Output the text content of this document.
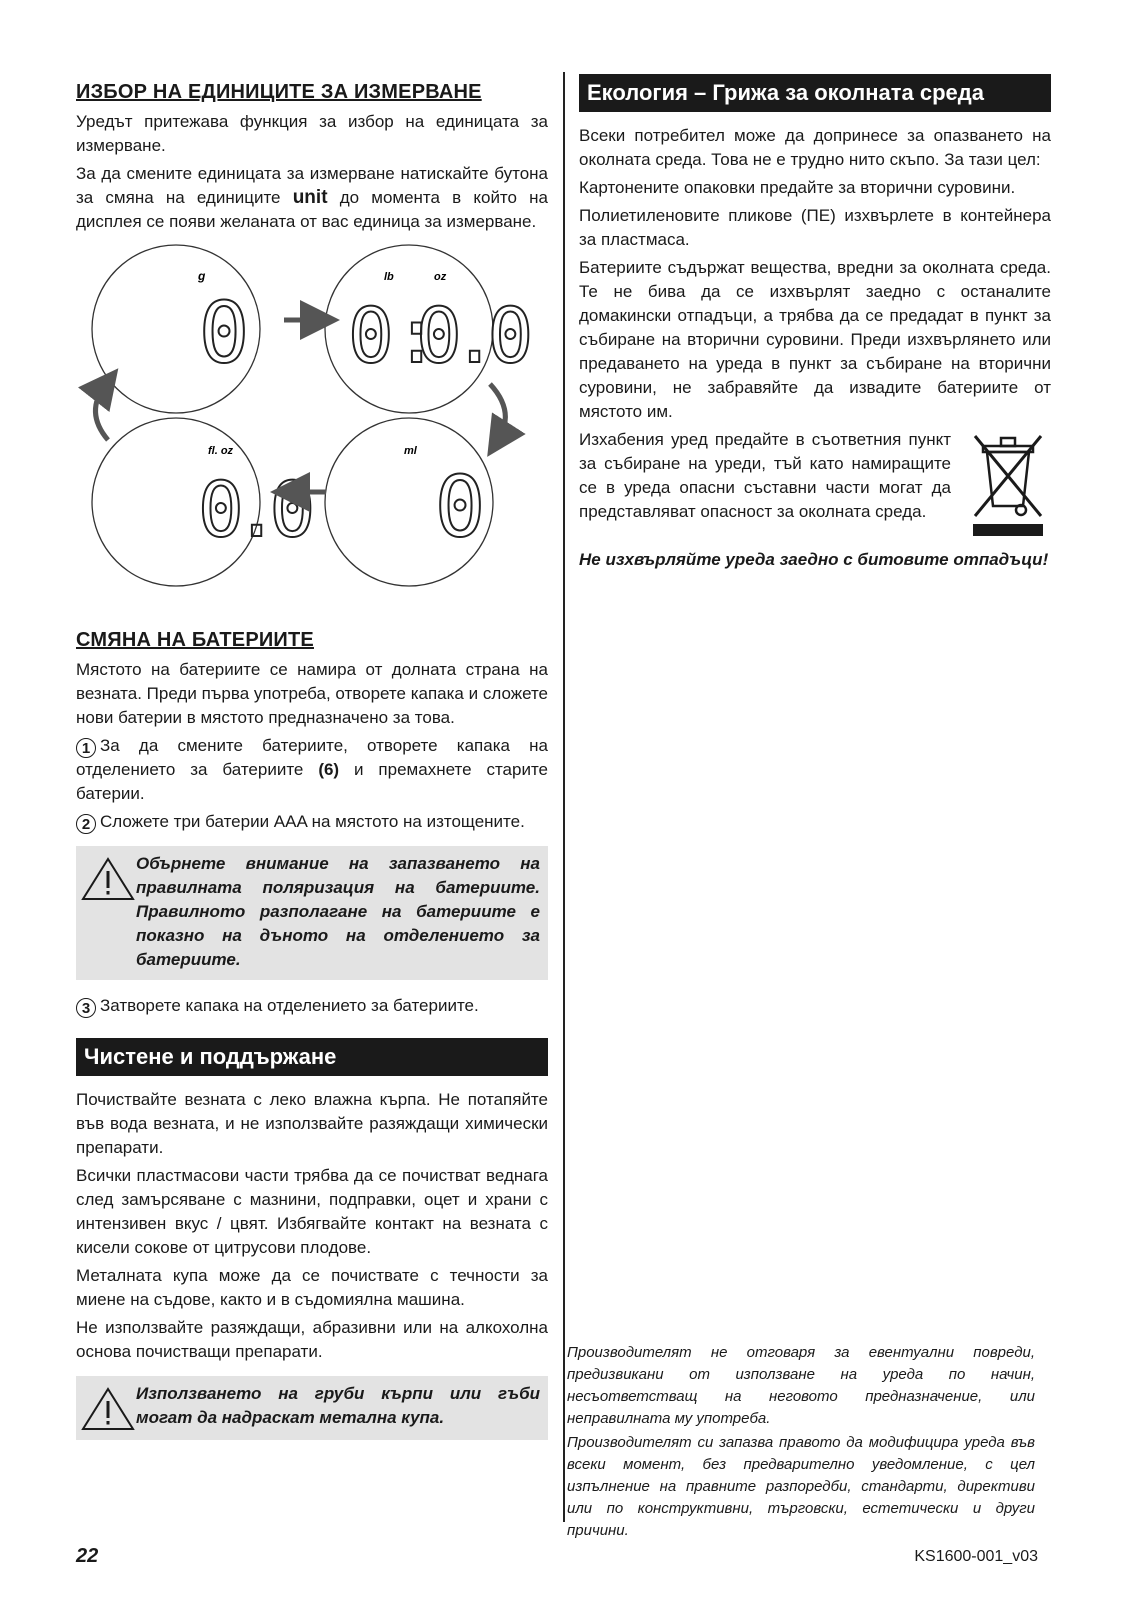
ИЗБОР НА ЕДИНИЦИТЕ ЗА ИЗМЕРВАНЕ

Уредът притежава функция за избор на единицата за измерване.

За да смените единицата за измерване натискайте бутона за смяна на единиците unit до момента в който на дисплея се появи желаната от вас единица за измерване.

g
0
lb	oz
0:
0.0
fl. oz
0.0
ml
0
СМЯНА НА БАТЕРИИТЕ

Мястото на батериите се намира от долната страна на везната. Преди първа употреба, отворете капака и сложете нови батерии в мястото предназначено за това.

1 За да смените батериите, отворете капака на отделението за батериите (6) и премахнете старите батерии.

2 Сложете три батерии AAA на мястото на изтощените.

Обърнете внимание на запазването на правилната поляризация на батериите. Правилното разполагане на батериите е показно на дъното на отделението за батериите.

3 Затворете капака на отделението за батериите.

Чистене и поддържане

Почиствайте везната с леко влажна кърпа. Не потапяйте във вода везната, и не използвайте разяждащи химически препарати.

Всички пластмасови части трябва да се почистват веднага след замърсяване с мазнини, подправки, оцет и храни с интензивен вкус / цвят. Избягвайте контакт на везната с кисели сокове от цитрусови плодове.

Металната купа може да се почиствате с течности за миене на съдове, както и в съдомиялна машина.

Не използвайте разяждащи, абразивни или на алкохолна основа почистващи препарати.

Използването на груби кърпи или гъби могат да надраскат метална купа.
Екология – Грижа за околната среда

Всеки потребител може да допринесе за опазването на околната среда. Това не е трудно нито скъпо. За тази цел:

Картонените опаковки предайте за вторични суровини.

Полиетиленовите пликове (ПЕ) изхвърлете в контейнера за пластмаса.

Батериите съдържат вещества, вредни за околната среда. Те не бива да се изхвърлят заедно с останалите домакински отпадъци, а трябва да се предадат в пункт за събиране на вторични суровини. Преди изхвърлянето или предаването на уреда в пункт за събиране на вторични суровини, не забравяйте да извадите батериите от мястото им.

Изхабения уред предайте в съответния пункт за събиране на уреди, тъй като намиращите се в уреда опасни съставни части могат да представляват опасност за околната среда.

Не изхвърляйте уреда заедно с битовите отпадъци!

Производителят не отговаря за евентуални повреди, предизвикани от използване на уреда по начин, несъответстващ на неговото предназначение, или неправилната му употреба.

Производителят си запазва правото да модифицира уреда във всеки момент, без предварително уведомление, с цел изпълнение на правните разпоредби, стандарти, директиви или по конструктивни, търговски, естетически и други причини.

22	KS1600-001_v03
